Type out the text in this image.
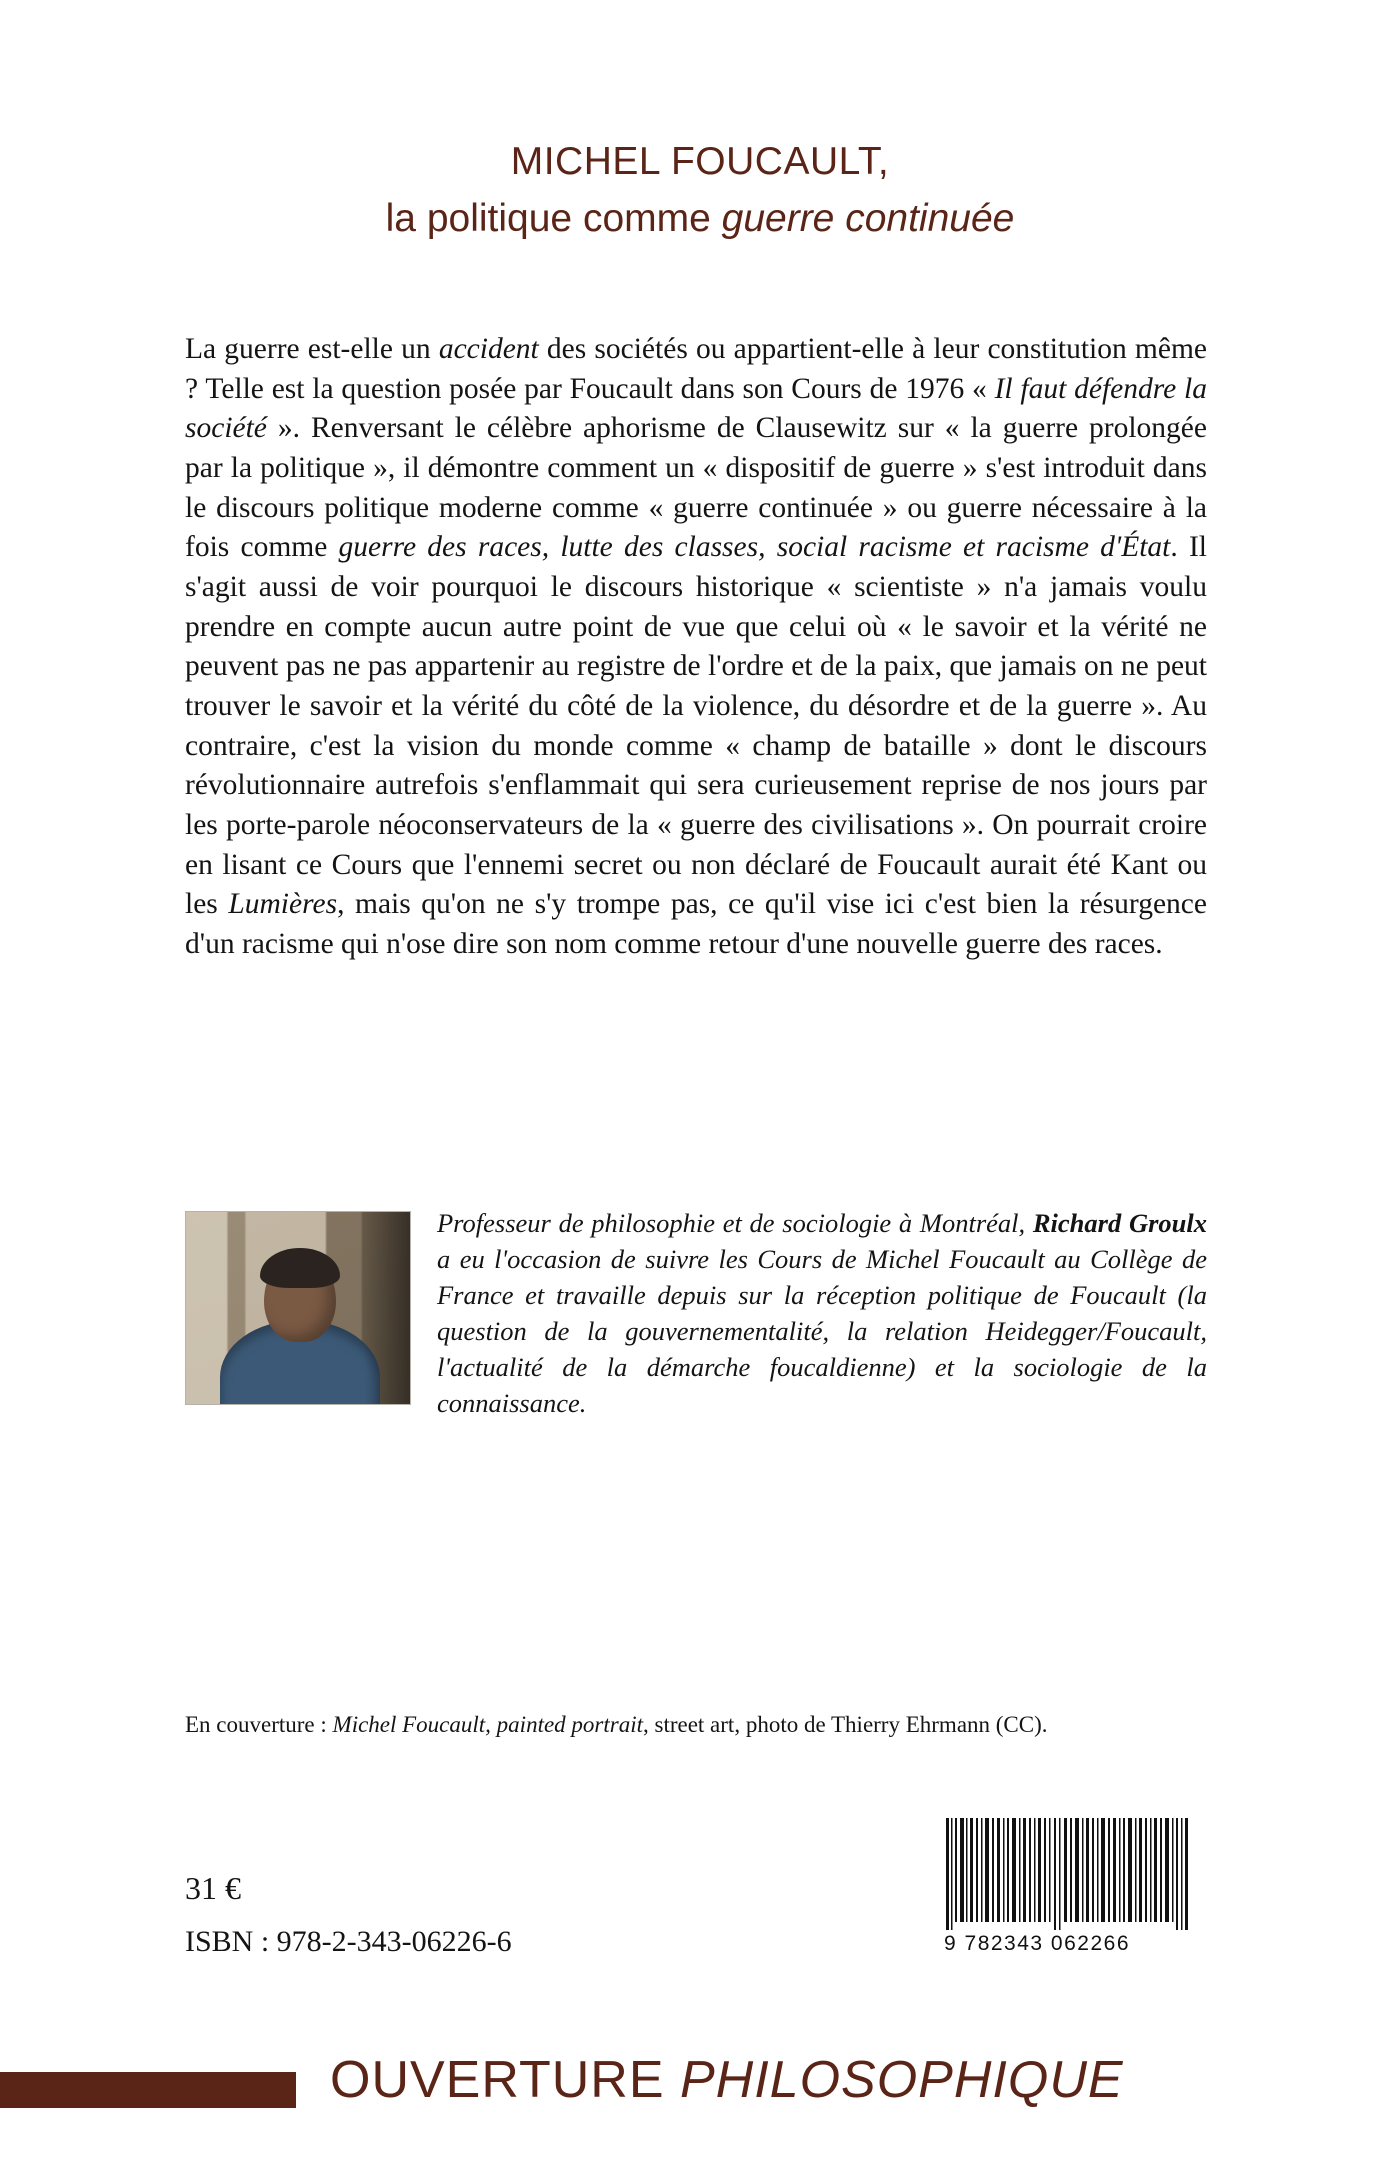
MICHEL FOUCAULT,
la politique comme guerre continuée
La guerre est-elle un accident des sociétés ou appartient-elle à leur constitution même ? Telle est la question posée par Foucault dans son Cours de 1976 « Il faut défendre la société ». Renversant le célèbre aphorisme de Clausewitz sur « la guerre prolongée par la politique », il démontre comment un « dispositif de guerre » s'est introduit dans le discours politique moderne comme « guerre continuée » ou guerre nécessaire à la fois comme guerre des races, lutte des classes, social racisme et racisme d'État. Il s'agit aussi de voir pourquoi le discours historique « scientiste » n'a jamais voulu prendre en compte aucun autre point de vue que celui où « le savoir et la vérité ne peuvent pas ne pas appartenir au registre de l'ordre et de la paix, que jamais on ne peut trouver le savoir et la vérité du côté de la violence, du désordre et de la guerre ». Au contraire, c'est la vision du monde comme « champ de bataille » dont le discours révolutionnaire autrefois s'enflammait qui sera curieusement reprise de nos jours par les porte-parole néoconservateurs de la « guerre des civilisations ». On pourrait croire en lisant ce Cours que l'ennemi secret ou non déclaré de Foucault aurait été Kant ou les Lumières, mais qu'on ne s'y trompe pas, ce qu'il vise ici c'est bien la résurgence d'un racisme qui n'ose dire son nom comme retour d'une nouvelle guerre des races.
Professeur de philosophie et de sociologie à Montréal, Richard Groulx a eu l'occasion de suivre les Cours de Michel Foucault au Collège de France et travaille depuis sur la réception politique de Foucault (la question de la gouvernementalité, la relation Heidegger/Foucault, l'actualité de la démarche foucaldienne) et la sociologie de la connaissance.
En couverture : Michel Foucault, painted portrait, street art, photo de Thierry Ehrmann (CC).
31 €
ISBN : 978-2-343-06226-6	9 782343 062266
OUVERTURE PHILOSOPHIQUE
